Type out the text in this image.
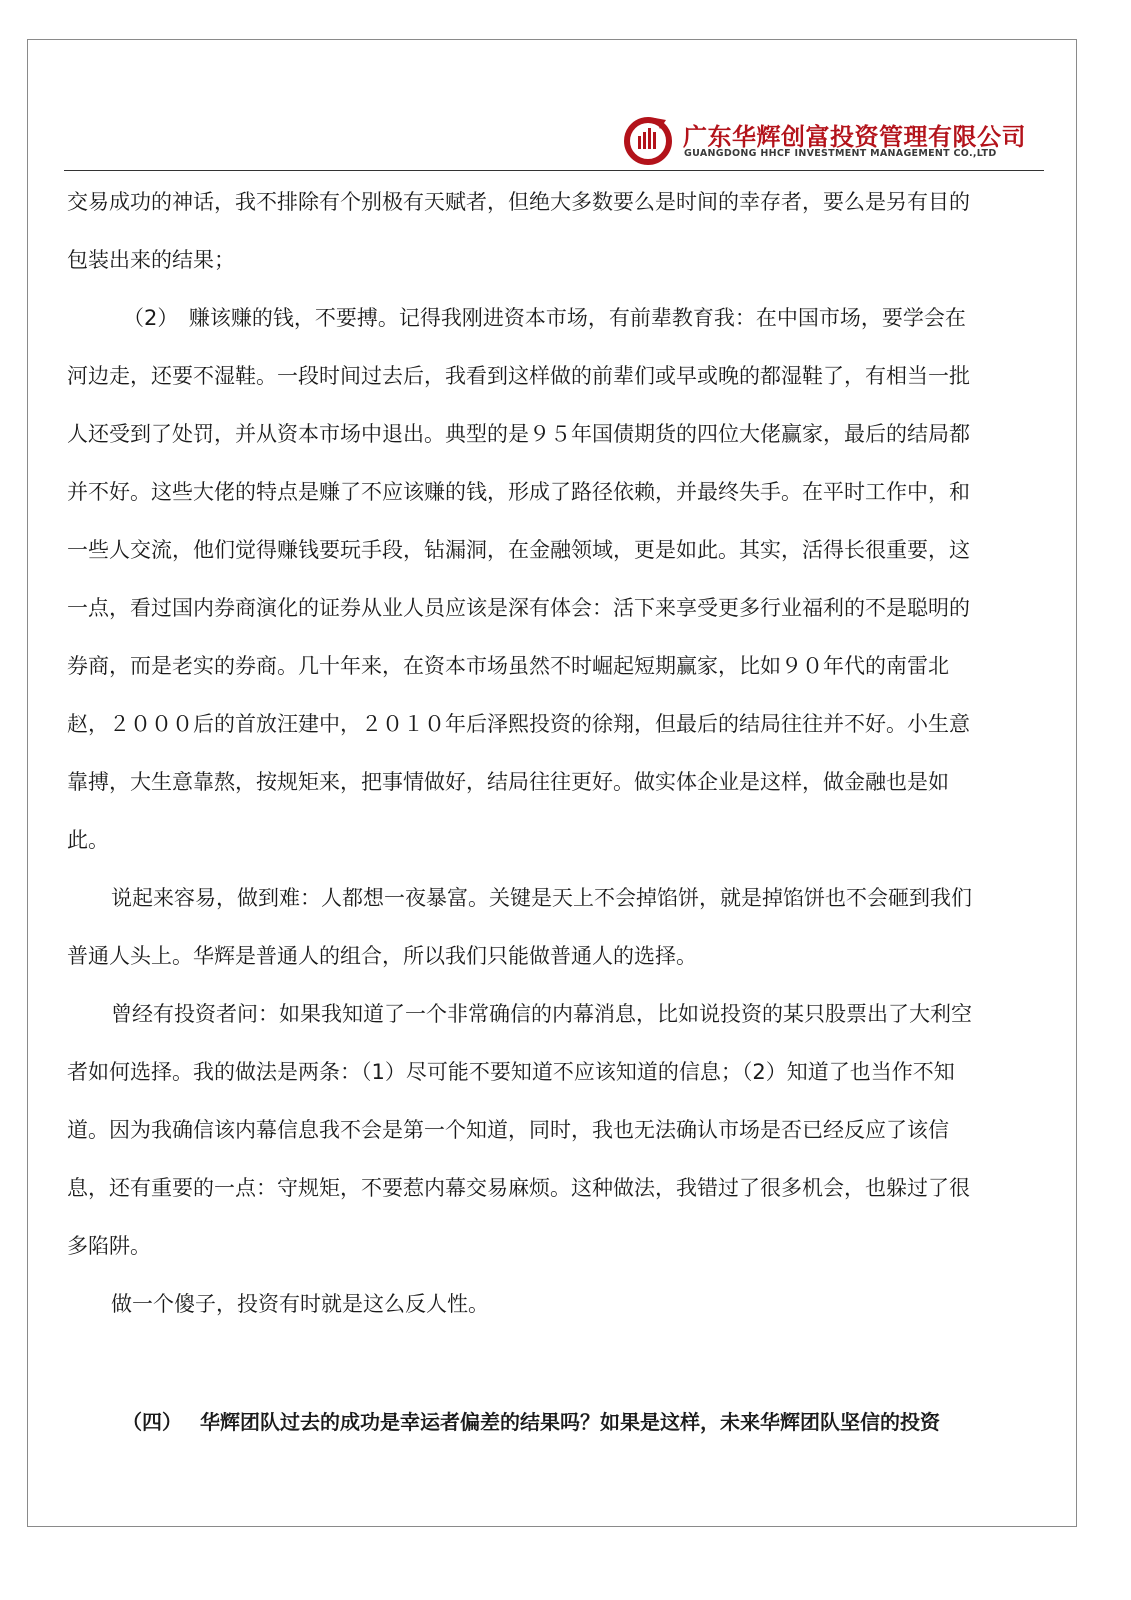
广东华辉创富投资管理有限公司
GUANGDONG HHCF INVESTMENT MANAGEMENT CO.,LTD
交易成功的神话，我不排除有个别极有天赋者，但绝大多数要么是时间的幸存者，要么是另有目的
包装出来的结果；
（2）　赚该赚的钱，不要搏。记得我刚进资本市场，有前辈教育我：在中国市场，要学会在
河边走，还要不湿鞋。一段时间过去后，我看到这样做的前辈们或早或晚的都湿鞋了，有相当一批
人还受到了处罚，并从资本市场中退出。典型的是９５年国债期货的四位大佬赢家，最后的结局都
并不好。这些大佬的特点是赚了不应该赚的钱，形成了路径依赖，并最终失手。在平时工作中，和
一些人交流，他们觉得赚钱要玩手段，钻漏洞，在金融领域，更是如此。其实，活得长很重要，这
一点，看过国内券商演化的证券从业人员应该是深有体会：活下来享受更多行业福利的不是聪明的
券商，而是老实的券商。几十年来，在资本市场虽然不时崛起短期赢家，比如９０年代的南雷北
赵，２０００后的首放汪建中，２０１０年后泽熙投资的徐翔，但最后的结局往往并不好。小生意
靠搏，大生意靠熬，按规矩来，把事情做好，结局往往更好。做实体企业是这样，做金融也是如
此。
说起来容易，做到难：人都想一夜暴富。关键是天上不会掉馅饼，就是掉馅饼也不会砸到我们
普通人头上。华辉是普通人的组合，所以我们只能做普通人的选择。
曾经有投资者问：如果我知道了一个非常确信的内幕消息，比如说投资的某只股票出了大利空
者如何选择。我的做法是两条：（1）尽可能不要知道不应该知道的信息；（2）知道了也当作不知
道。因为我确信该内幕信息我不会是第一个知道，同时，我也无法确认市场是否已经反应了该信
息，还有重要的一点：守规矩，不要惹内幕交易麻烦。这种做法，我错过了很多机会，也躲过了很
多陷阱。
做一个傻子，投资有时就是这么反人性。
（四） 华辉团队过去的成功是幸运者偏差的结果吗？如果是这样，未来华辉团队坚信的投资
